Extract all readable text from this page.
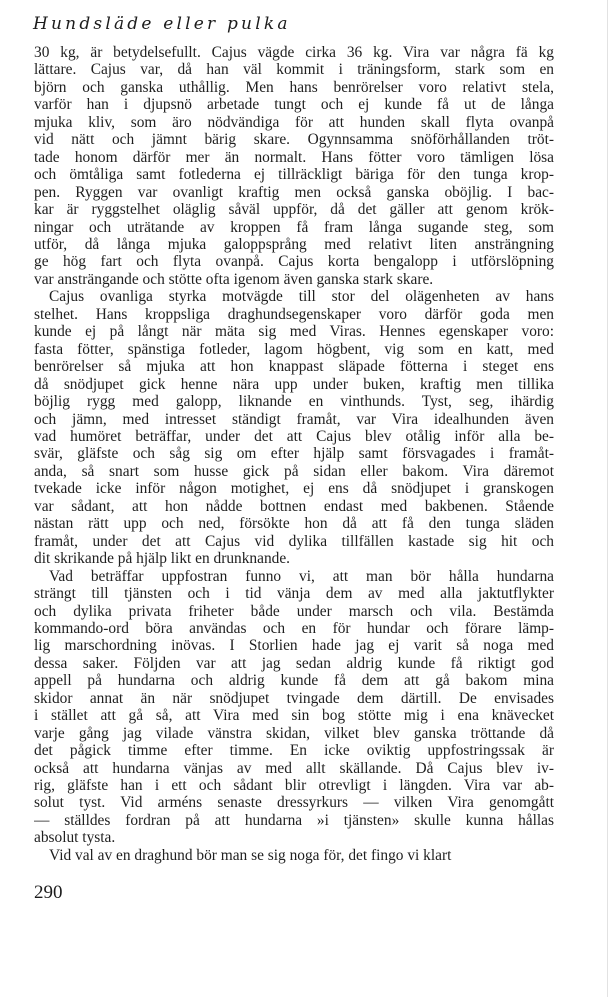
Hundsläde eller pulka
30 kg, är betydelsefullt. Cajus vägde cirka 36 kg. Vira var några fä kg
lättare. Cajus var, då han väl kommit i träningsform, stark som en
björn och ganska uthållig. Men hans benrörelser voro relativt stela,
varför han i djupsnö arbetade tungt och ej kunde få ut de långa
mjuka kliv, som äro nödvändiga för att hunden skall flyta ovanpå
vid nätt och jämnt bärig skare. Ogynnsamma snöförhållanden tröt-
tade honom därför mer än normalt. Hans fötter voro tämligen lösa
och ömtåliga samt fotlederna ej tillräckligt bäriga för den tunga krop-
pen. Ryggen var ovanligt kraftig men också ganska oböjlig. I bac-
kar är ryggstelhet oläglig såväl uppför, då det gäller att genom krök-
ningar och uträtande av kroppen få fram långa sugande steg, som
utför, då långa mjuka galoppsprång med relativt liten ansträngning
ge hög fart och flyta ovanpå. Cajus korta bengalopp i utförslöpning
var ansträngande och stötte ofta igenom även ganska stark skare.
Cajus ovanliga styrka motvägde till stor del olägenheten av hans
stelhet. Hans kroppsliga draghundsegenskaper voro därför goda men
kunde ej på långt när mäta sig med Viras. Hennes egenskaper voro:
fasta fötter, spänstiga fotleder, lagom högbent, vig som en katt, med
benrörelser så mjuka att hon knappast släpade fötterna i steget ens
då snödjupet gick henne nära upp under buken, kraftig men tillika
böjlig rygg med galopp, liknande en vinthunds. Tyst, seg, ihärdig
och jämn, med intresset ständigt framåt, var Vira idealhunden även
vad humöret beträffar, under det att Cajus blev otålig inför alla be-
svär, gläfste och såg sig om efter hjälp samt försvagades i framåt-
anda, så snart som husse gick på sidan eller bakom. Vira däremot
tvekade icke inför någon motighet, ej ens då snödjupet i granskogen
var sådant, att hon nådde bottnen endast med bakbenen. Stående
nästan rätt upp och ned, försökte hon då att få den tunga släden
framåt, under det att Cajus vid dylika tillfällen kastade sig hit och
dit skrikande på hjälp likt en drunknande.
Vad beträffar uppfostran funno vi, att man bör hålla hundarna
strängt till tjänsten och i tid vänja dem av med alla jaktutflykter
och dylika privata friheter både under marsch och vila. Bestämda
kommando-ord böra användas och en för hundar och förare lämp-
lig marschordning inövas. I Storlien hade jag ej varit så noga med
dessa saker. Följden var att jag sedan aldrig kunde få riktigt god
appell på hundarna och aldrig kunde få dem att gå bakom mina
skidor annat än när snödjupet tvingade dem därtill. De envisades
i stället att gå så, att Vira med sin bog stötte mig i ena knävecket
varje gång jag vilade vänstra skidan, vilket blev ganska tröttande då
det pågick timme efter timme. En icke oviktig uppfostringssak är
också att hundarna vänjas av med allt skällande. Då Cajus blev iv-
rig, gläfste han i ett och sådant blir otrevligt i längden. Vira var ab-
solut tyst. Vid arméns senaste dressyrkurs — vilken Vira genomgått
— ställdes fordran på att hundarna »i tjänsten» skulle kunna hållas
absolut tysta.
Vid val av en draghund bör man se sig noga för, det fingo vi klart
290
